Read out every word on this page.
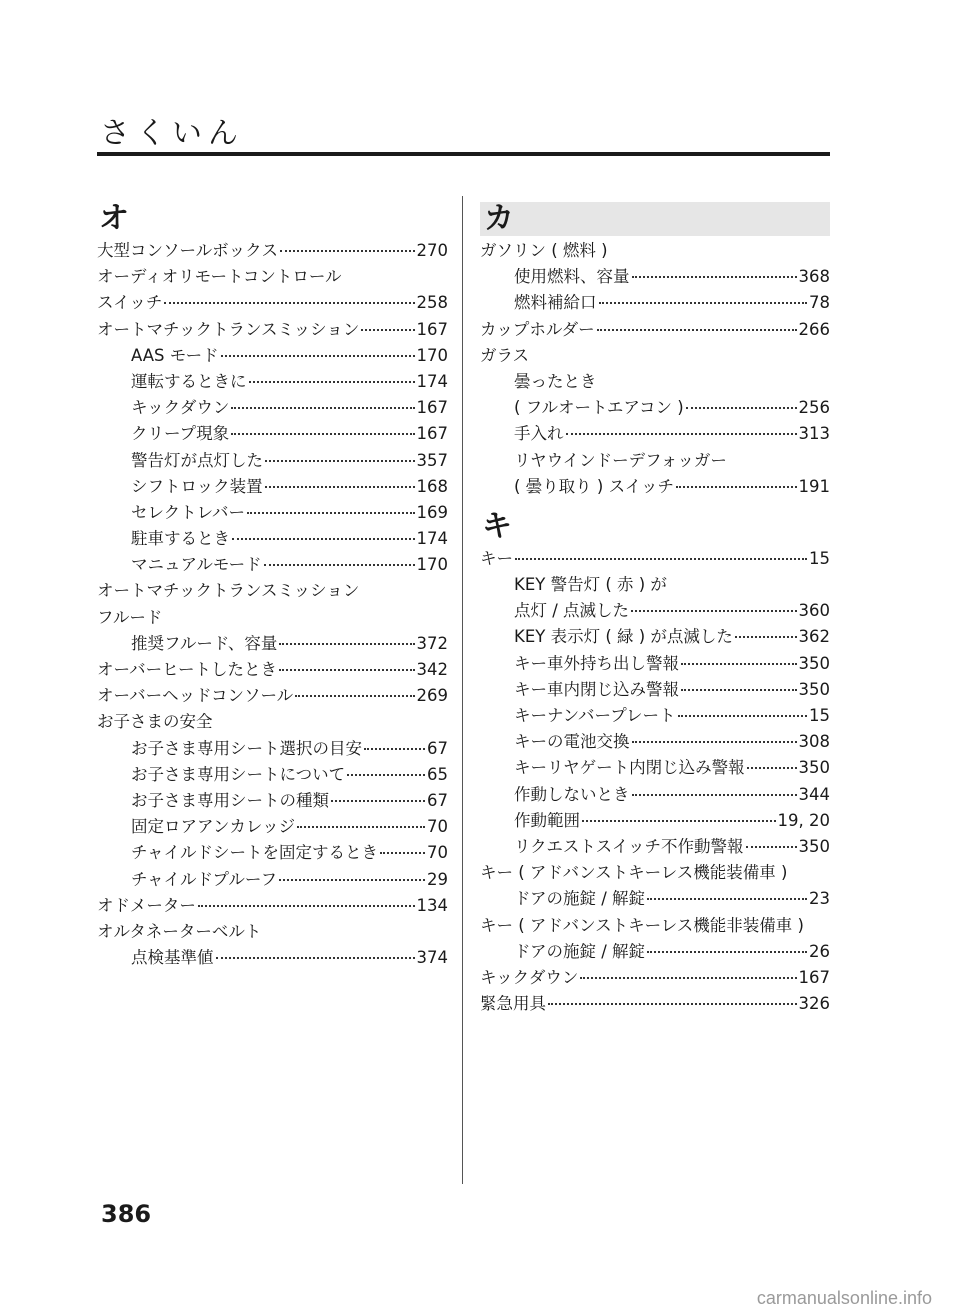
さくいん
オ
大型コンソールボックス	270
オーディオリモートコントロール
スイッチ	258
オートマチックトランスミッション	167
AAS モード	170
運転するときに	174
キックダウン	167
クリープ現象	167
警告灯が点灯した	357
シフトロック装置	168
セレクトレバー	169
駐車するとき	174
マニュアルモード	170
オートマチックトランスミッション
フルード
推奨フルード、容量	372
オーバーヒートしたとき	342
オーバーヘッドコンソール	269
お子さまの安全
お子さま専用シート選択の目安	67
お子さま専用シートについて	65
お子さま専用シートの種類	67
固定ロアアンカレッジ	70
チャイルドシートを固定するとき	70
チャイルドプルーフ	29
オドメーター	134
オルタネーターベルト
点検基準値	374
カ
ガソリン ( 燃料 )
使用燃料、容量	368
燃料補給口	78
カップホルダー	266
ガラス
曇ったとき
( フルオートエアコン )	256
手入れ	313
リヤウインドーデフォッガー
( 曇り取り ) スイッチ	191
キ
キー	15
KEY 警告灯 ( 赤 ) が
点灯 / 点滅した	360
KEY 表示灯 ( 緑 ) が点滅した	362
キー車外持ち出し警報	350
キー車内閉じ込み警報	350
キーナンバープレート	15
キーの電池交換	308
キーリヤゲート内閉じ込み警報	350
作動しないとき	344
作動範囲	19, 20
リクエストスイッチ不作動警報	350
キー ( アドバンストキーレス機能装備車 )
ドアの施錠 / 解錠	23
キー ( アドバンストキーレス機能非装備車 )
ドアの施錠 / 解錠	26
キックダウン	167
緊急用具	326
386
carmanualsonline.info
